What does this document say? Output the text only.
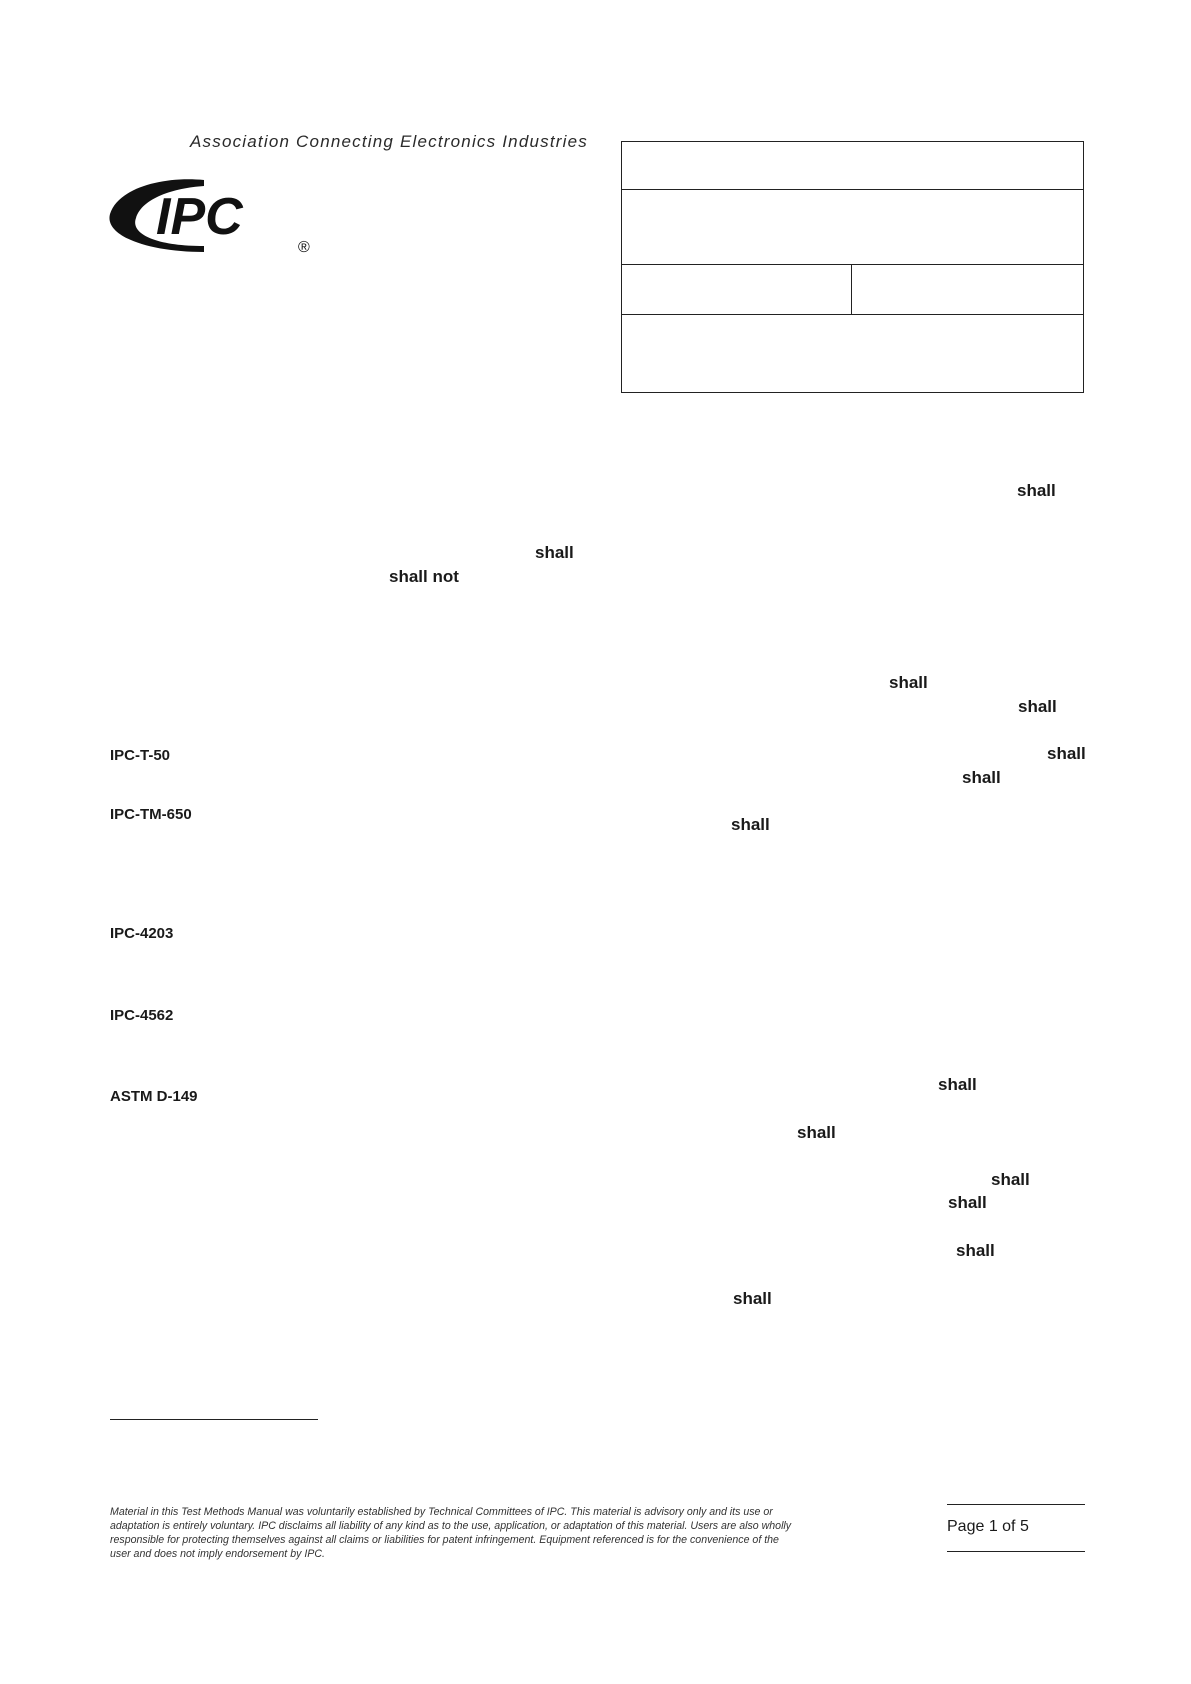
Association Connecting Electronics Industries
IPC
®
shall
shall
shall not
shall
shall
shall
shall
shall
shall
shall
shall
shall
shall
shall
IPC-T-50
IPC-TM-650
IPC-4203
IPC-4562
ASTM D-149
Material in this Test Methods Manual was voluntarily established by Technical Committees of IPC. This material is advisory only and its use or adaptation is entirely voluntary. IPC disclaims all liability of any kind as to the use, application, or adaptation of this material. Users are also wholly responsible for protecting themselves against all claims or liabilities for patent infringement. Equipment referenced is for the convenience of the user and does not imply endorsement by IPC.
Page 1 of 5
